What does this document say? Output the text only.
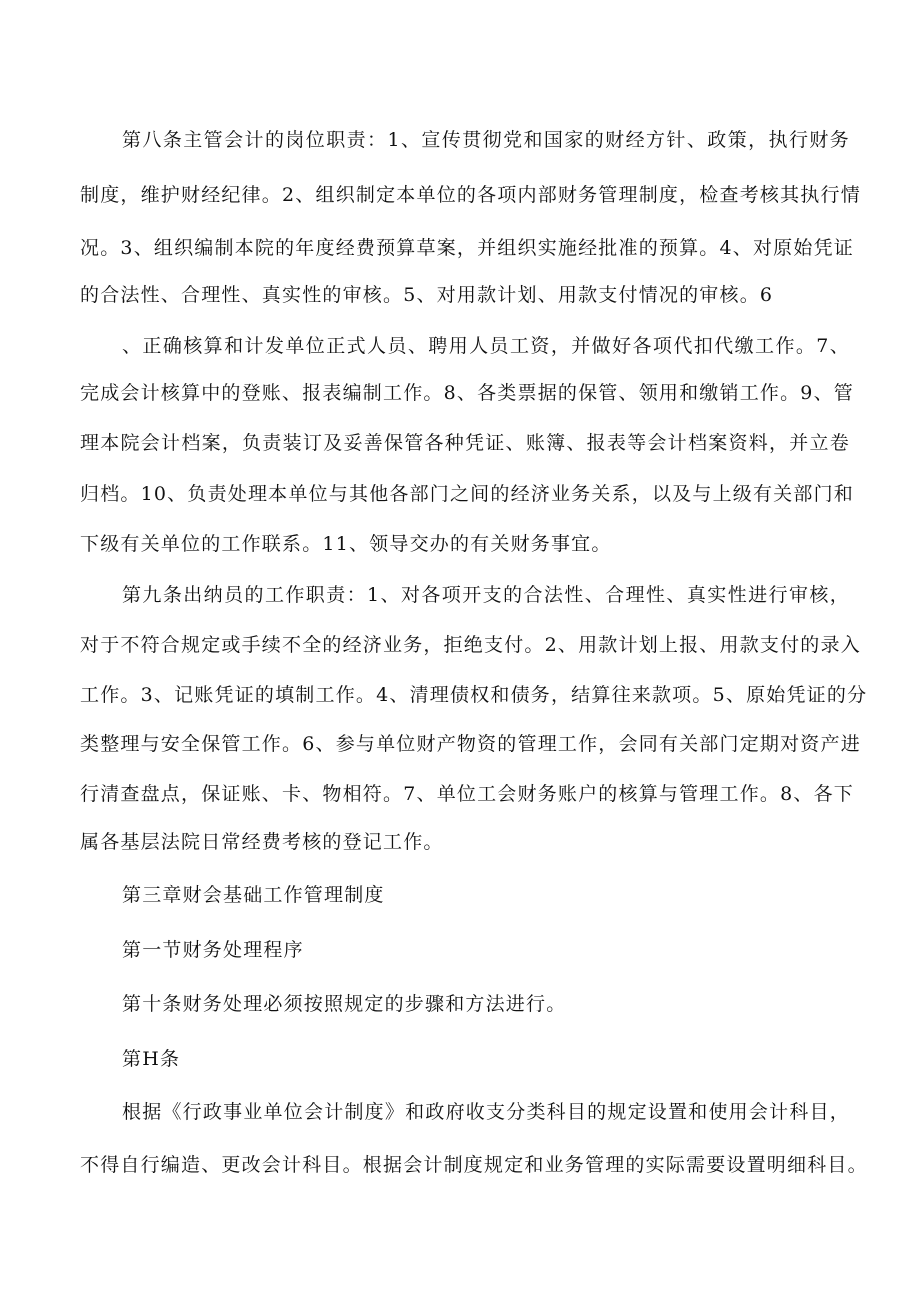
第八条主管会计的岗位职责：1、宣传贯彻党和国家的财经方针、政策，执行财务

制度，维护财经纪律。2、组织制定本单位的各项内部财务管理制度，检查考核其执行情

况。3、组织编制本院的年度经费预算草案，并组织实施经批准的预算。4、对原始凭证

的合法性、合理性、真实性的审核。5、对用款计划、用款支付情况的审核。6

、正确核算和计发单位正式人员、聘用人员工资，并做好各项代扣代缴工作。7、

完成会计核算中的登账、报表编制工作。8、各类票据的保管、领用和缴销工作。9、管

理本院会计档案，负责装订及妥善保管各种凭证、账簿、报表等会计档案资料，并立卷

归档。10、负责处理本单位与其他各部门之间的经济业务关系，以及与上级有关部门和

下级有关单位的工作联系。11、领导交办的有关财务事宜。

第九条出纳员的工作职责：1、对各项开支的合法性、合理性、真实性进行审核，

对于不符合规定或手续不全的经济业务，拒绝支付。2、用款计划上报、用款支付的录入

工作。3、记账凭证的填制工作。4、清理债权和债务，结算往来款项。5、原始凭证的分

类整理与安全保管工作。6、参与单位财产物资的管理工作，会同有关部门定期对资产进

行清查盘点，保证账、卡、物相符。7、单位工会财务账户的核算与管理工作。8、各下

属各基层法院日常经费考核的登记工作。

第三章财会基础工作管理制度

第一节财务处理程序

第十条财务处理必须按照规定的步骤和方法进行。

第H条

根据《行政事业单位会计制度》和政府收支分类科目的规定设置和使用会计科目，

不得自行编造、更改会计科目。根据会计制度规定和业务管理的实际需要设置明细科目。
